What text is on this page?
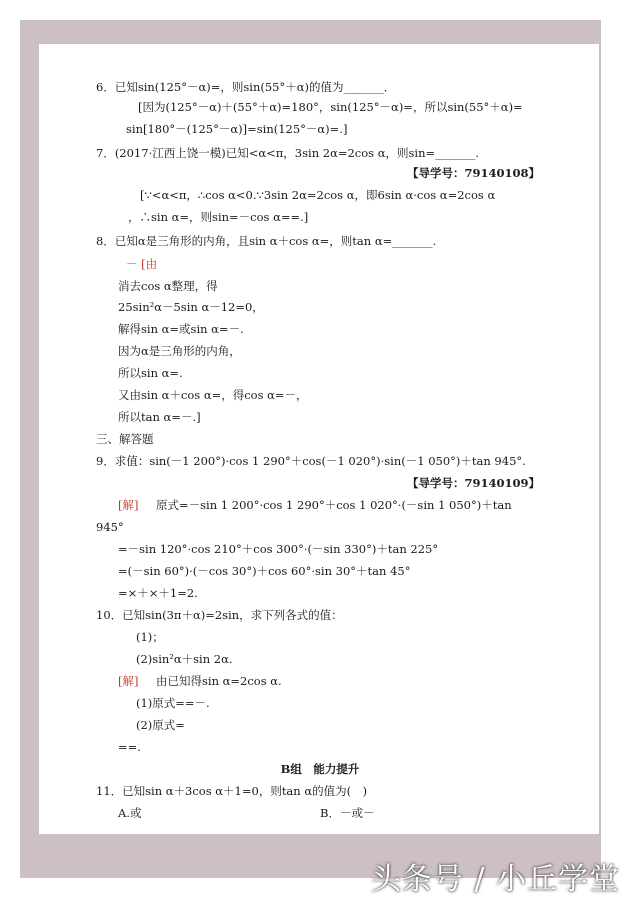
6．已知sin(125°－α)=，则sin(55°＋α)的值为_______．
[因为(125°－α)＋(55°＋α)=180°，sin(125°－α)=，所以sin(55°＋α)=
sin[180°－(125°－α)]=sin(125°－α)=.]
7．(2017·江西上饶一模)已知<α<π，3sin 2α=2cos α，则sin=_______.
【导学号：79140108】
[∵<α<π，∴cos α<0.∵3sin 2α=2cos α，即6sin α·cos α=2cos α
，∴sin α=，则sin=－cos α==.]
8．已知α是三角形的内角，且sin α＋cos α=，则tan α=_______.
－ [由
消去cos α整理，得
25sin²α－5sin α－12=0，
解得sin α=或sin α=－.
因为α是三角形的内角，
所以sin α=.
又由sin α＋cos α=，得cos α=－，
所以tan α=－.]
三、解答题
9．求值：sin(－1 200°)·cos 1 290°＋cos(－1 020°)·sin(－1 050°)＋tan 945°.
【导学号：79140109】
[解] 原式=－sin 1 200°·cos 1 290°＋cos 1 020°·(－sin 1 050°)＋tan
945°
=－sin 120°·cos 210°＋cos 300°·(－sin 330°)＋tan 225°
=(－sin 60°)·(－cos 30°)＋cos 60°·sin 30°＋tan 45°
=×＋×＋1=2.
10．已知sin(3π＋α)=2sin，求下列各式的值：
(1)；
(2)sin²α＋sin 2α.
[解] 由已知得sin α=2cos α.
(1)原式==－.
(2)原式=
==.
B组　能力提升
11．已知sin α＋3cos α＋1=0，则tan α的值为(　)
A.或	B．－或－
头条号 / 小丘学堂
